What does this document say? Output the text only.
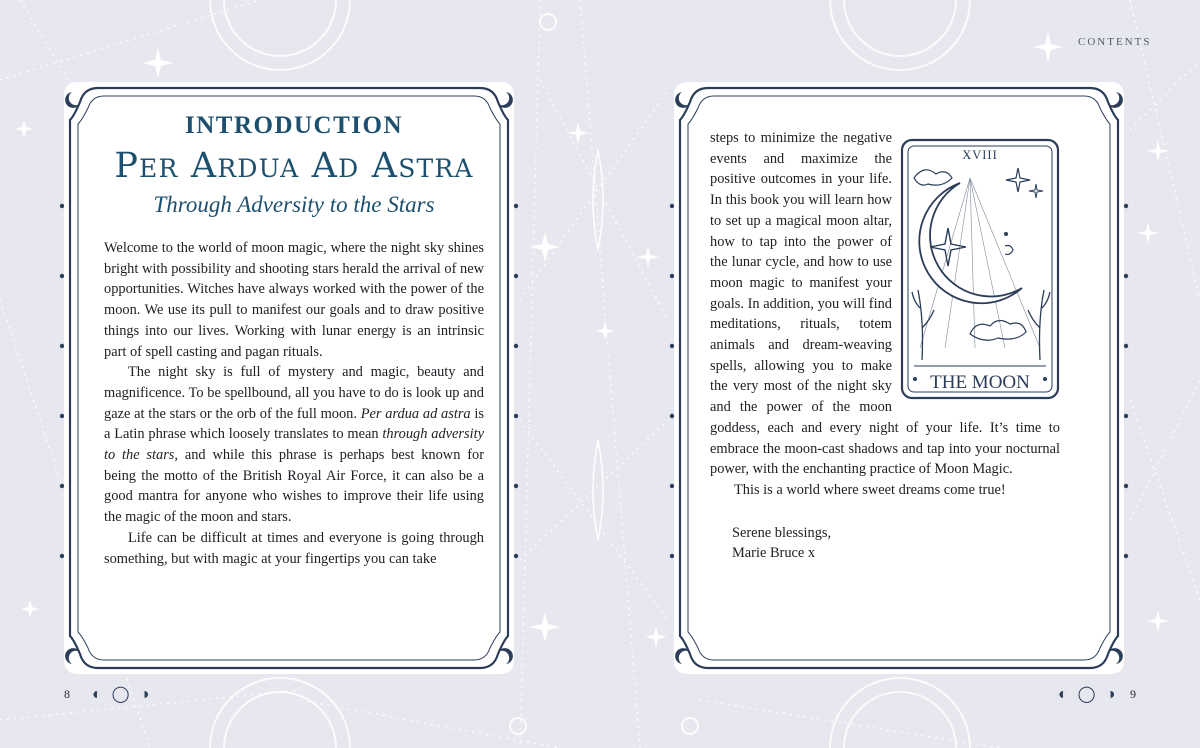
CONTENTS
INTRODUCTION
Per Ardua Ad Astra
Through Adversity to the Stars

Welcome to the world of moon magic, where the night sky shines bright with possibility and shooting stars herald the arrival of new opportunities. Witches have always worked with the power of the moon. We use its pull to manifest our goals and to draw positive things into our lives. Working with lunar energy is an intrinsic part of spell casting and pagan rituals.

The night sky is full of mystery and magic, beauty and magnificence. To be spellbound, all you have to do is look up and gaze at the stars or the orb of the full moon. Per ardua ad astra is a Latin phrase which loosely translates to mean through adversity to the stars, and while this phrase is perhaps best known for being the motto of the British Royal Air Force, it can also be a good mantra for anyone who wishes to improve their life using the magic of the moon and stars.

Life can be difficult at times and everyone is going through something, but with magic at your fingertips you can take

XVIII
THE MOON

steps to minimize the negative events and maximize the positive outcomes in your life. In this book you will learn how to set up a magical moon altar, how to tap into the power of the lunar cycle, and how to use moon magic to manifest your goals. In addition, you will find meditations, rituals, totem animals and dream-weaving spells, allowing you to make the very most of the night sky and the power of the moon goddess, each and every night of your life. It’s time to embrace the moon-cast shadows and tap into your nocturnal power, with the enchanting practice of Moon Magic.

This is a world where sweet dreams come true!

Serene blessings,
Marie Bruce x
8 ◐ ◯ ◑	◐ ◯ ◑ 9
